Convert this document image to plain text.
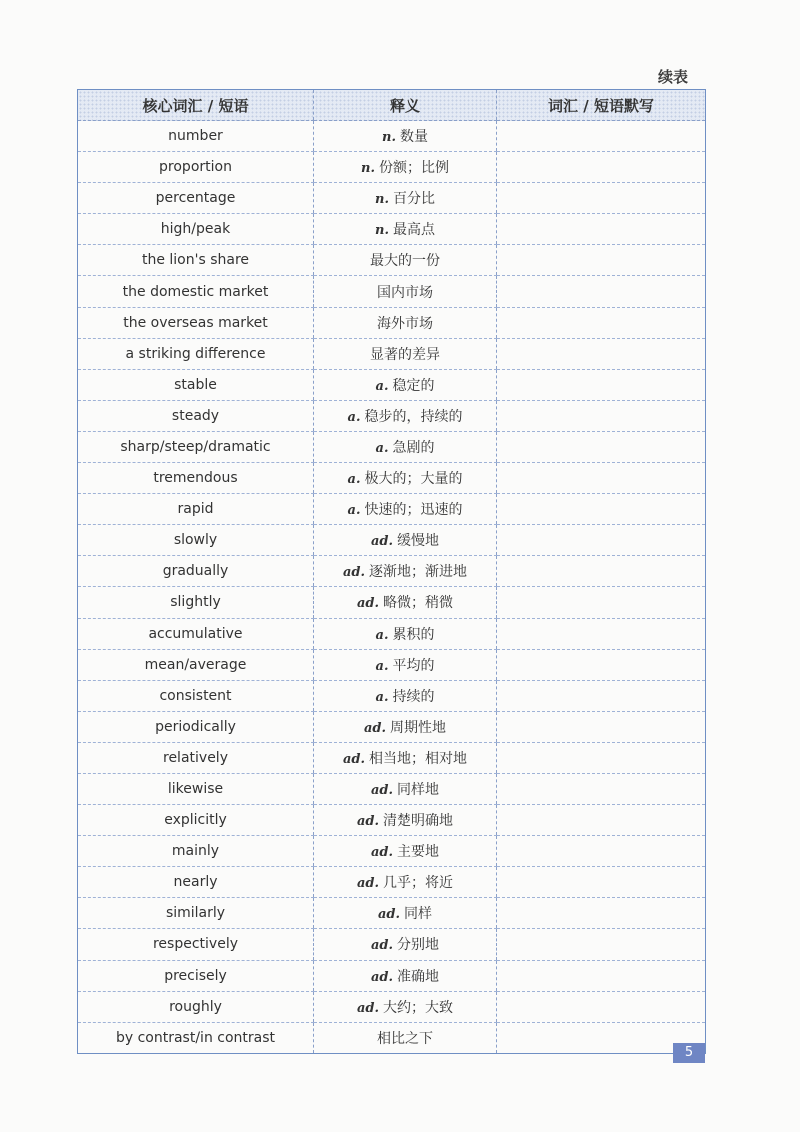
续表
核心词汇 / 短语	释义	词汇 / 短语默写
number	n. 数量	
proportion	n. 份额；比例	
percentage	n. 百分比	
high/peak	n. 最高点	
the lion's share	最大的一份	
the domestic market	国内市场	
the overseas market	海外市场	
a striking difference	显著的差异	
stable	a. 稳定的	
steady	a. 稳步的，持续的	
sharp/steep/dramatic	a. 急剧的	
tremendous	a. 极大的；大量的	
rapid	a. 快速的；迅速的	
slowly	ad. 缓慢地	
gradually	ad. 逐渐地；渐进地	
slightly	ad. 略微；稍微	
accumulative	a. 累积的	
mean/average	a. 平均的	
consistent	a. 持续的	
periodically	ad. 周期性地	
relatively	ad. 相当地；相对地	
likewise	ad. 同样地	
explicitly	ad. 清楚明确地	
mainly	ad. 主要地	
nearly	ad. 几乎；将近	
similarly	ad. 同样	
respectively	ad. 分别地	
precisely	ad. 准确地	
roughly	ad. 大约；大致	
by contrast/in contrast	相比之下	
5
